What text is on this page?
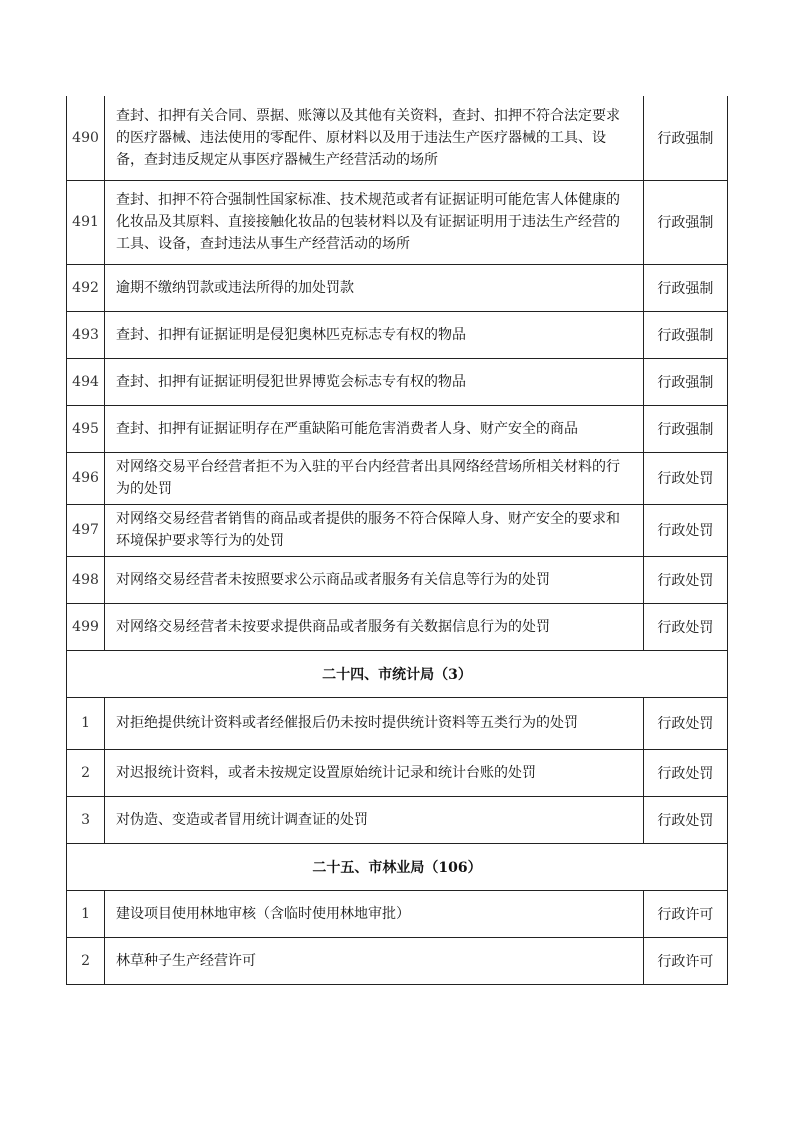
490	查封、扣押有关合同、票据、账簿以及其他有关资料，查封、扣押不符合法定要求的医疗器械、违法使用的零配件、原材料以及用于违法生产医疗器械的工具、设备，查封违反规定从事医疗器械生产经营活动的场所	行政强制
491	查封、扣押不符合强制性国家标准、技术规范或者有证据证明可能危害人体健康的化妆品及其原料、直接接触化妆品的包装材料以及有证据证明用于违法生产经营的工具、设备，查封违法从事生产经营活动的场所	行政强制
492	逾期不缴纳罚款或违法所得的加处罚款	行政强制
493	查封、扣押有证据证明是侵犯奥林匹克标志专有权的物品	行政强制
494	查封、扣押有证据证明侵犯世界博览会标志专有权的物品	行政强制
495	查封、扣押有证据证明存在严重缺陷可能危害消费者人身、财产安全的商品	行政强制
496	对网络交易平台经营者拒不为入驻的平台内经营者出具网络经营场所相关材料的行为的处罚	行政处罚
497	对网络交易经营者销售的商品或者提供的服务不符合保障人身、财产安全的要求和环境保护要求等行为的处罚	行政处罚
498	对网络交易经营者未按照要求公示商品或者服务有关信息等行为的处罚	行政处罚
499	对网络交易经营者未按要求提供商品或者服务有关数据信息行为的处罚	行政处罚
二十四、市统计局（3）		
1	对拒绝提供统计资料或者经催报后仍未按时提供统计资料等五类行为的处罚	行政处罚
2	对迟报统计资料，或者未按规定设置原始统计记录和统计台账的处罚	行政处罚
3	对伪造、变造或者冒用统计调查证的处罚	行政处罚
二十五、市林业局（106）		
1	建设项目使用林地审核（含临时使用林地审批）	行政许可
2	林草种子生产经营许可	行政许可
